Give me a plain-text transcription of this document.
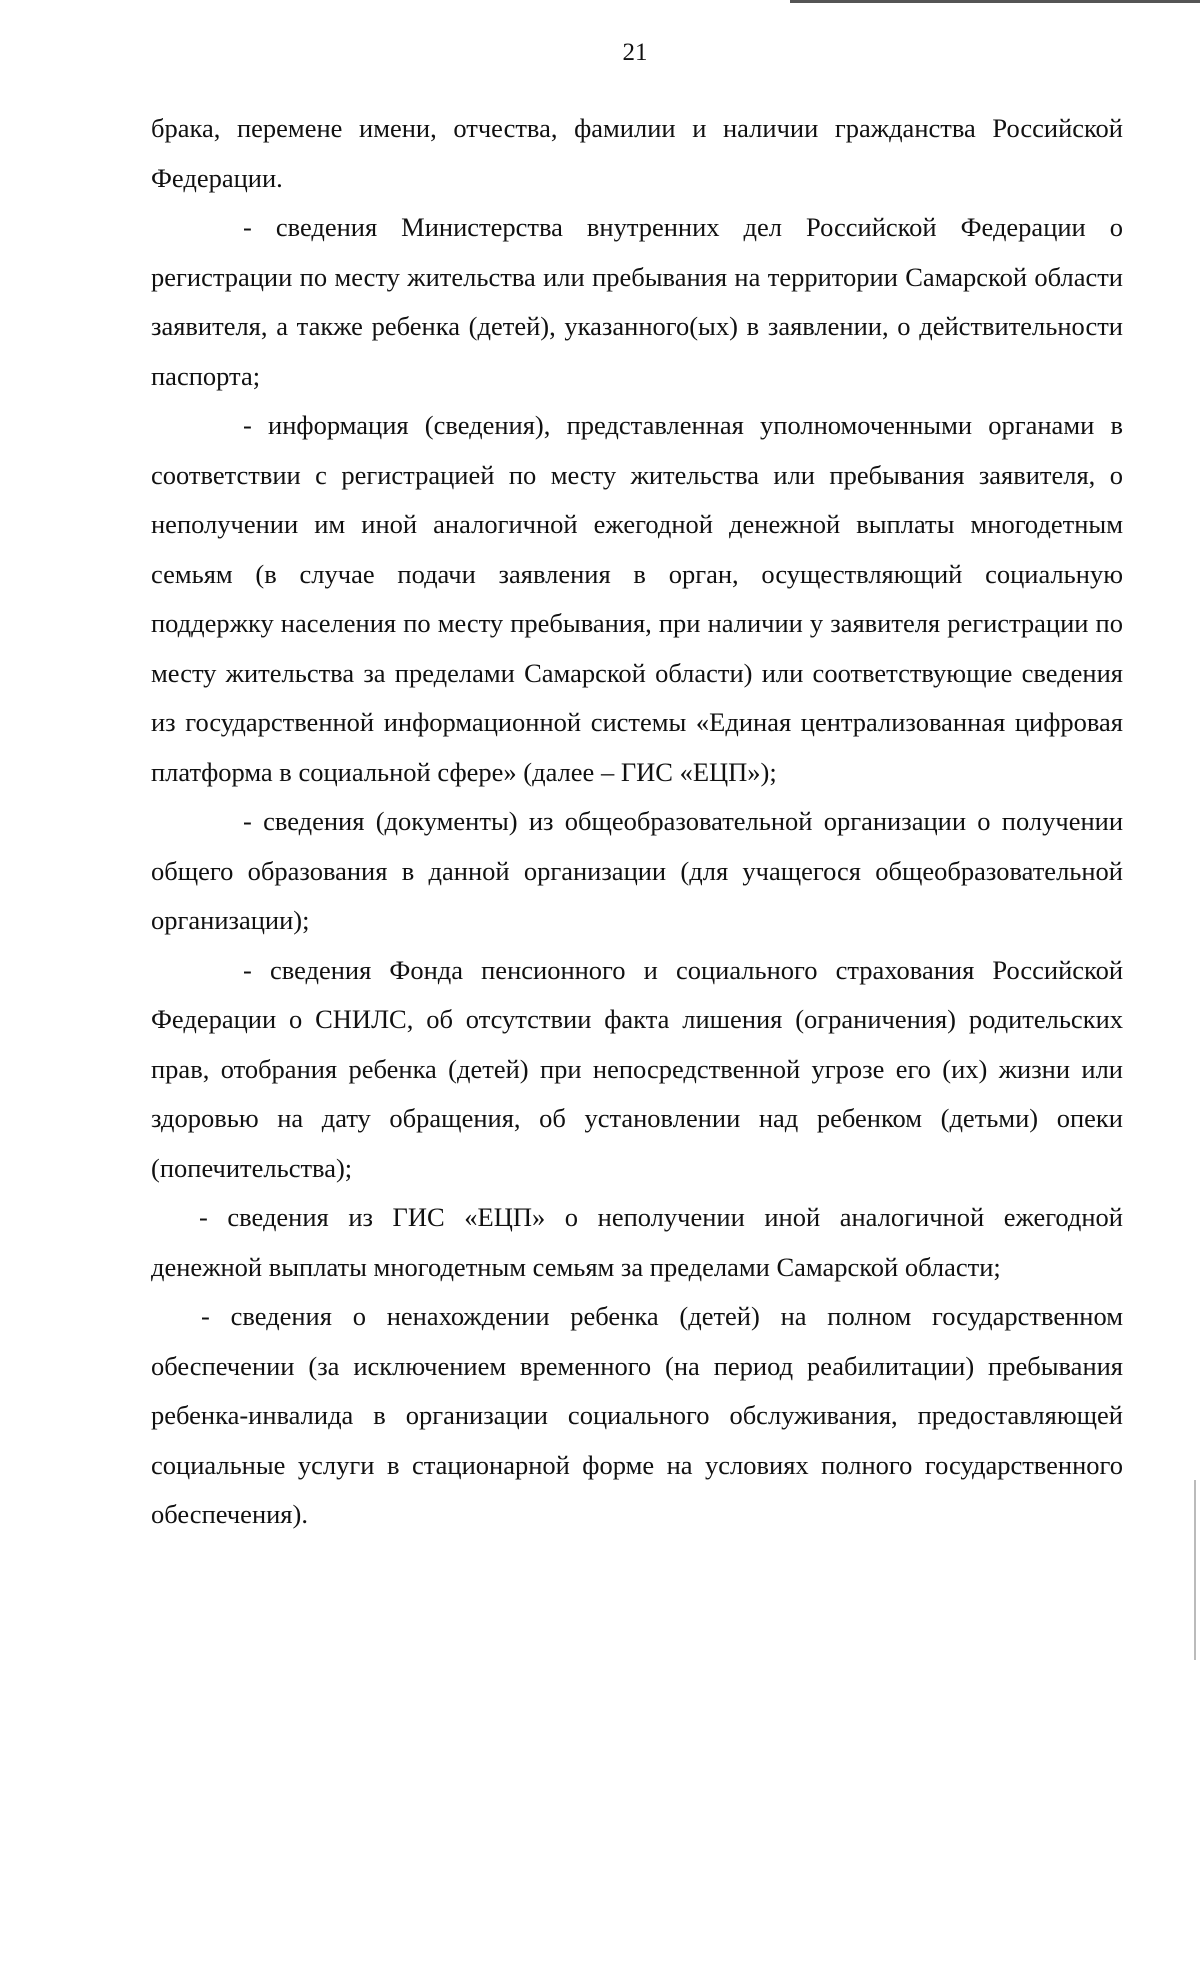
21

брака, перемене имени, отчества, фамилии и наличии гражданства Российской Федерации.

- сведения Министерства внутренних дел Российской Федерации о регистрации по месту жительства или пребывания на территории Самарской области заявителя, а также ребенка (детей), указанного(ых) в заявлении, о действительности паспорта;

- информация (сведения), представленная уполномоченными органами в соответствии с регистрацией по месту жительства или пребывания заявителя, о неполучении им иной аналогичной ежегодной денежной выплаты многодетным семьям (в случае подачи заявления в орган, осуществляющий социальную поддержку населения по месту пребывания, при наличии у заявителя регистрации по месту жительства за пределами Самарской области) или соответствующие сведения из государственной информационной системы «Единая централизованная цифровая платформа в социальной сфере» (далее – ГИС «ЕЦП»);

- сведения (документы) из общеобразовательной организации о получении общего образования в данной организации (для учащегося общеобразовательной организации);

- сведения Фонда пенсионного и социального страхования Российской Федерации о СНИЛС, об отсутствии факта лишения (ограничения) родительских прав, отобрания ребенка (детей) при непосредственной угрозе его (их) жизни или здоровью на дату обращения, об установлении над ребенком (детьми) опеки (попечительства);

- сведения из ГИС «ЕЦП» о неполучении иной аналогичной ежегодной денежной выплаты многодетным семьям за пределами Самарской области;

- сведения о ненахождении ребенка (детей) на полном государственном обеспечении (за исключением временного (на период реабилитации) пребывания ребенка-инвалида в организации социального обслуживания, предоставляющей социальные услуги в стационарной форме на условиях полного государственного обеспечения).
